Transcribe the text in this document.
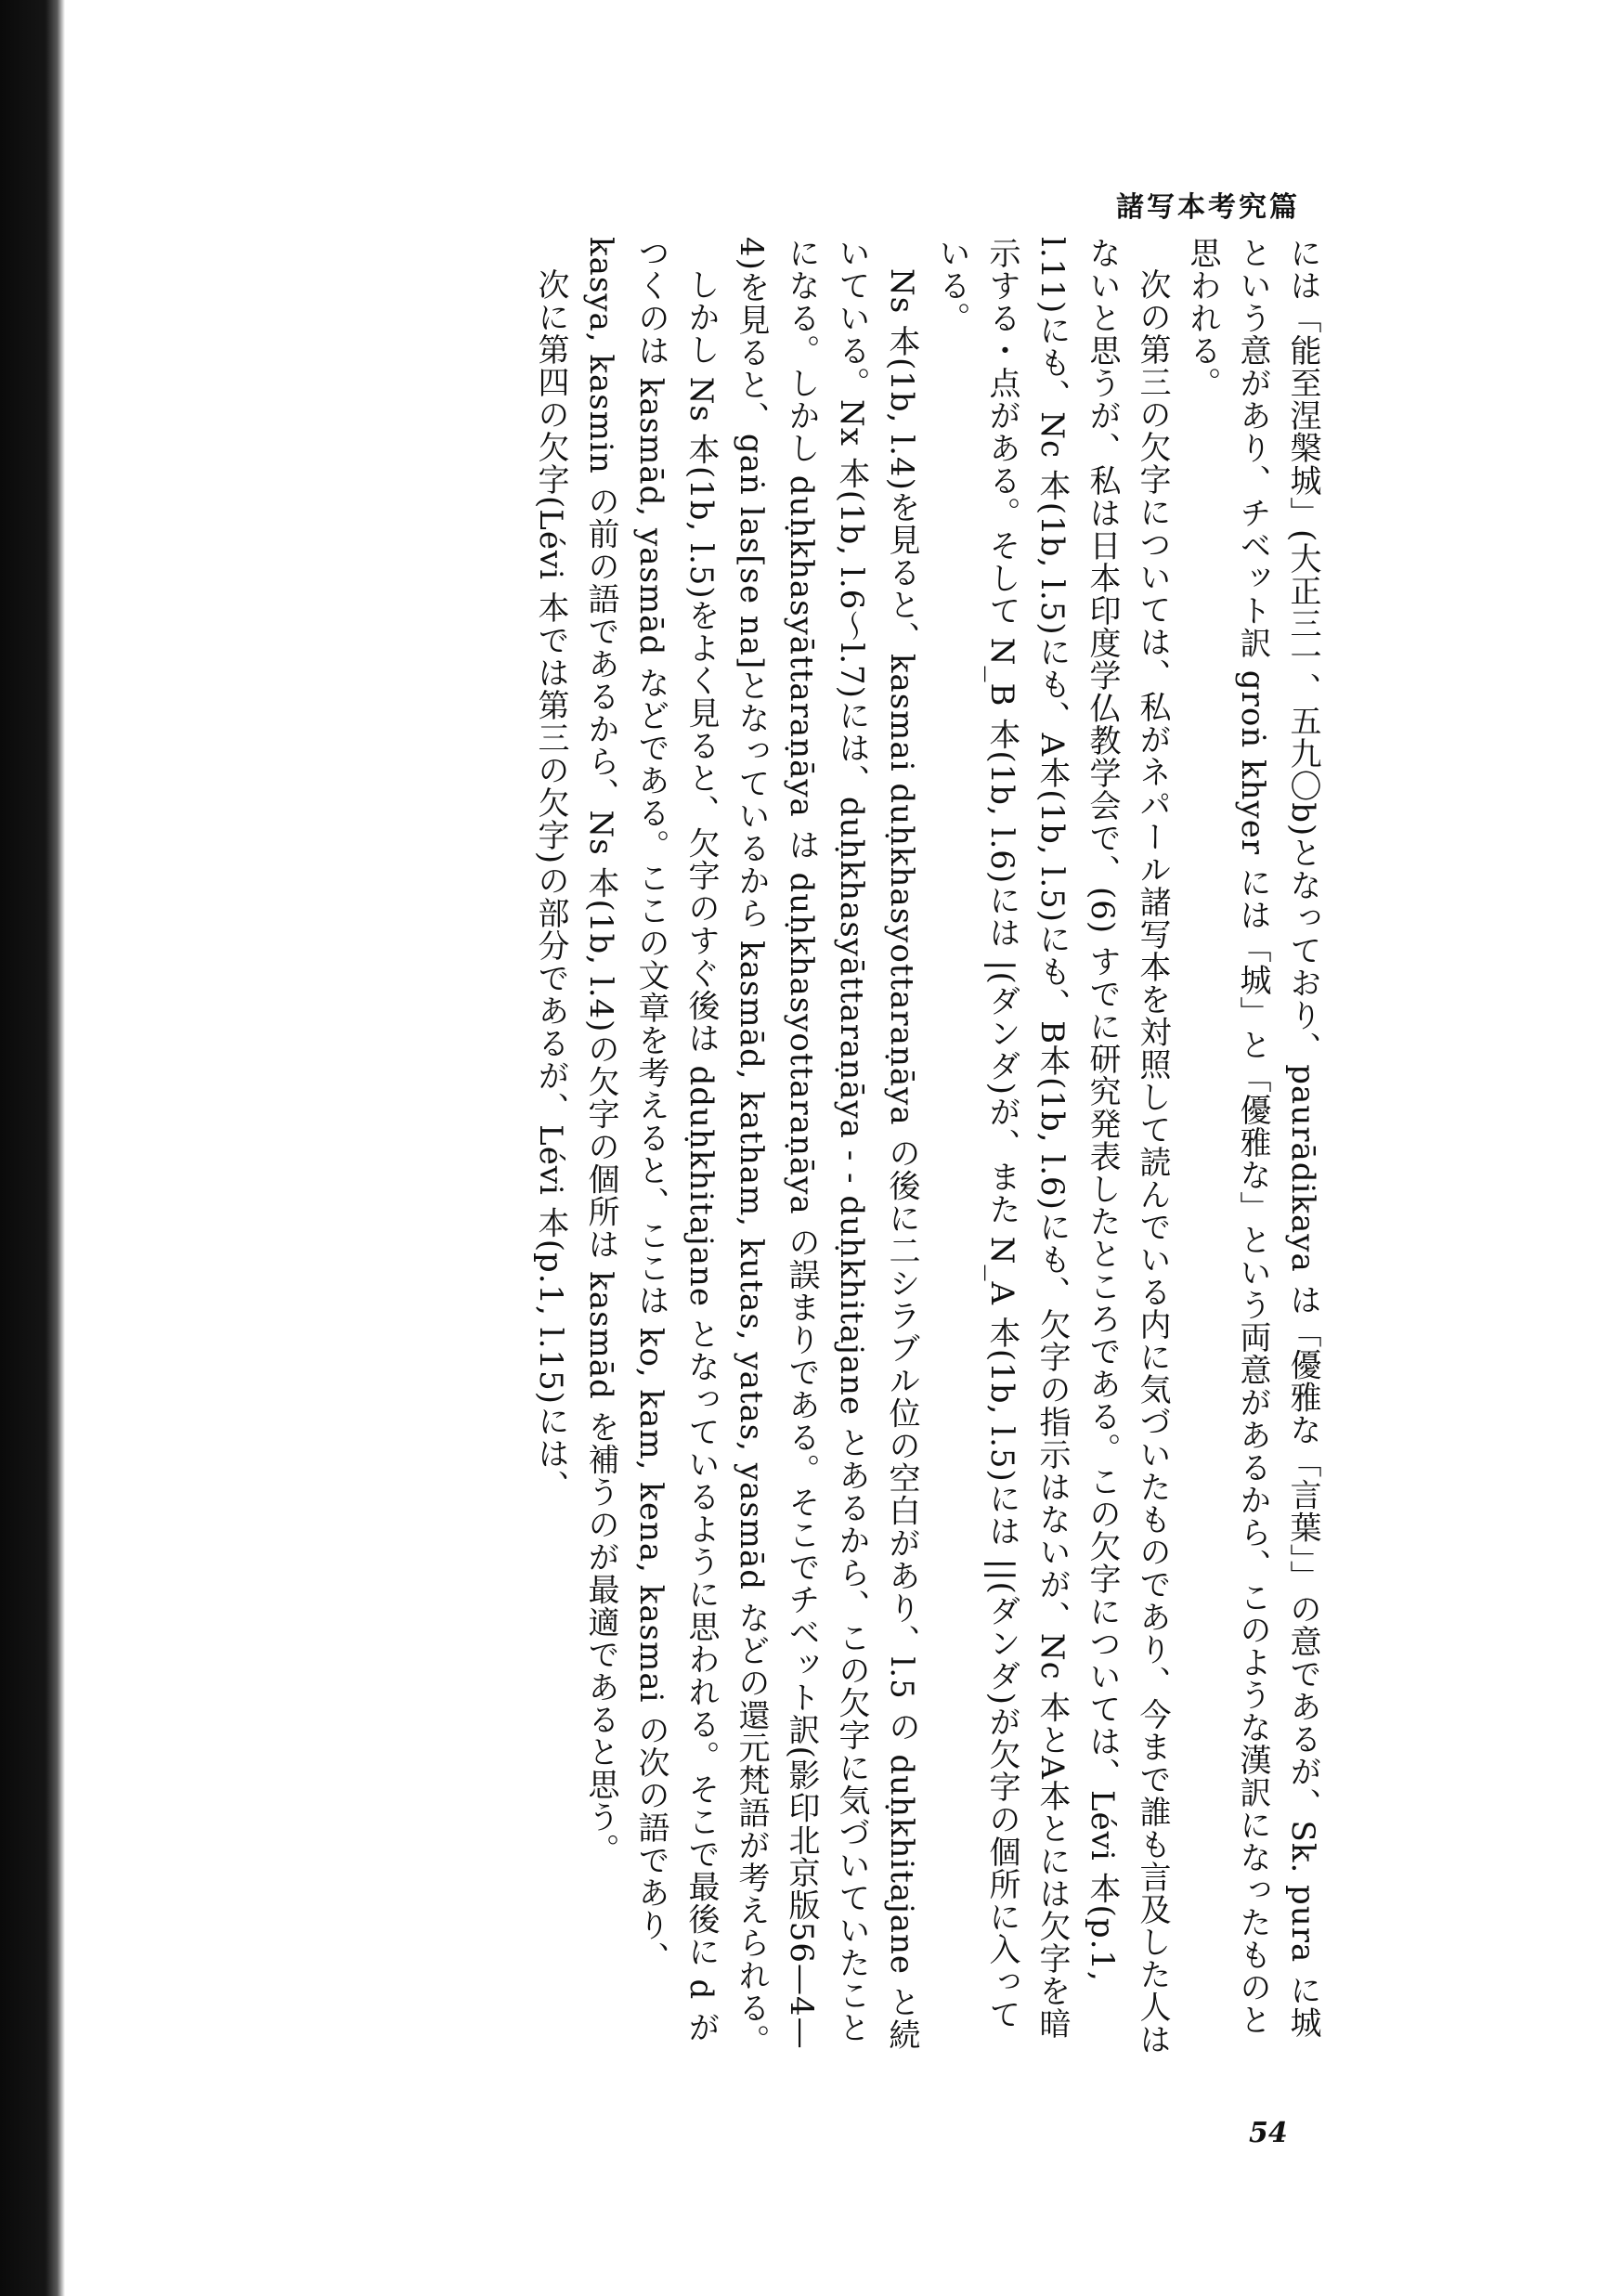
諸写本考究篇

には「能至涅槃城」(大正三一、五九〇b)となっており、paurādikaya は「優雅な「言葉」」の意であるが、Sk. pura に城という意があり、チベット訳 groṅ khyer には「城」と「優雅な」という両意があるから、このような漢訳になったものと思われる。

次の第三の欠字については、私がネパール諸写本を対照して読んでいる内に気づいたものであり、今まで誰も言及した人はないと思うが、私は日本印度学仏教学会で、(6) すでに研究発表したところである。この欠字については、Lévi 本(p.1, l.11)にも、Nc 本(1b, l.5)にも、A本(1b, l.5)にも、B本(1b, l.6)にも、欠字の指示はないが、Nc 本とA本とには欠字を暗示する・点がある。そして N_B 本(1b, l.6)には |(ダンダ)が、また N_A 本(1b, l.5)には ||(ダンダ)が欠字の個所に入っている。

Ns 本(1b, l.4)を見ると、kasmai duḥkhasyottaraṇāya の後に二シラブル位の空白があり、l.5 の duḥkhitajane と続いている。Nx 本(1b, l.6〜l.7)には、duḥkhasyāttaraṇāya - - duḥkhitajane とあるから、この欠字に気づいていたことになる。しかし duḥkhasyāttaraṇāya は duḥkhasyottaraṇāya の誤まりである。そこでチベット訳(影印北京版56—4—4)を見ると、gaṅ las[se na]となっているから kasmād, katham, kutas, yatas, yasmād などの還元梵語が考えられる。

しかし Ns 本(1b, l.5)をよく見ると、欠字のすぐ後は dduḥkhitajane となっているように思われる。そこで最後に d がつくのは kasmād, yasmād などである。ここの文章を考えると、ここは ko, kam, kena, kasmai の次の語であり、kasya, kasmin の前の語であるから、Ns 本(1b, l.4)の欠字の個所は kasmād を補うのが最適であると思う。

次に第四の欠字(Lévi 本では第三の欠字)の部分であるが、Lévi 本(p.1, l.15)には、

54
